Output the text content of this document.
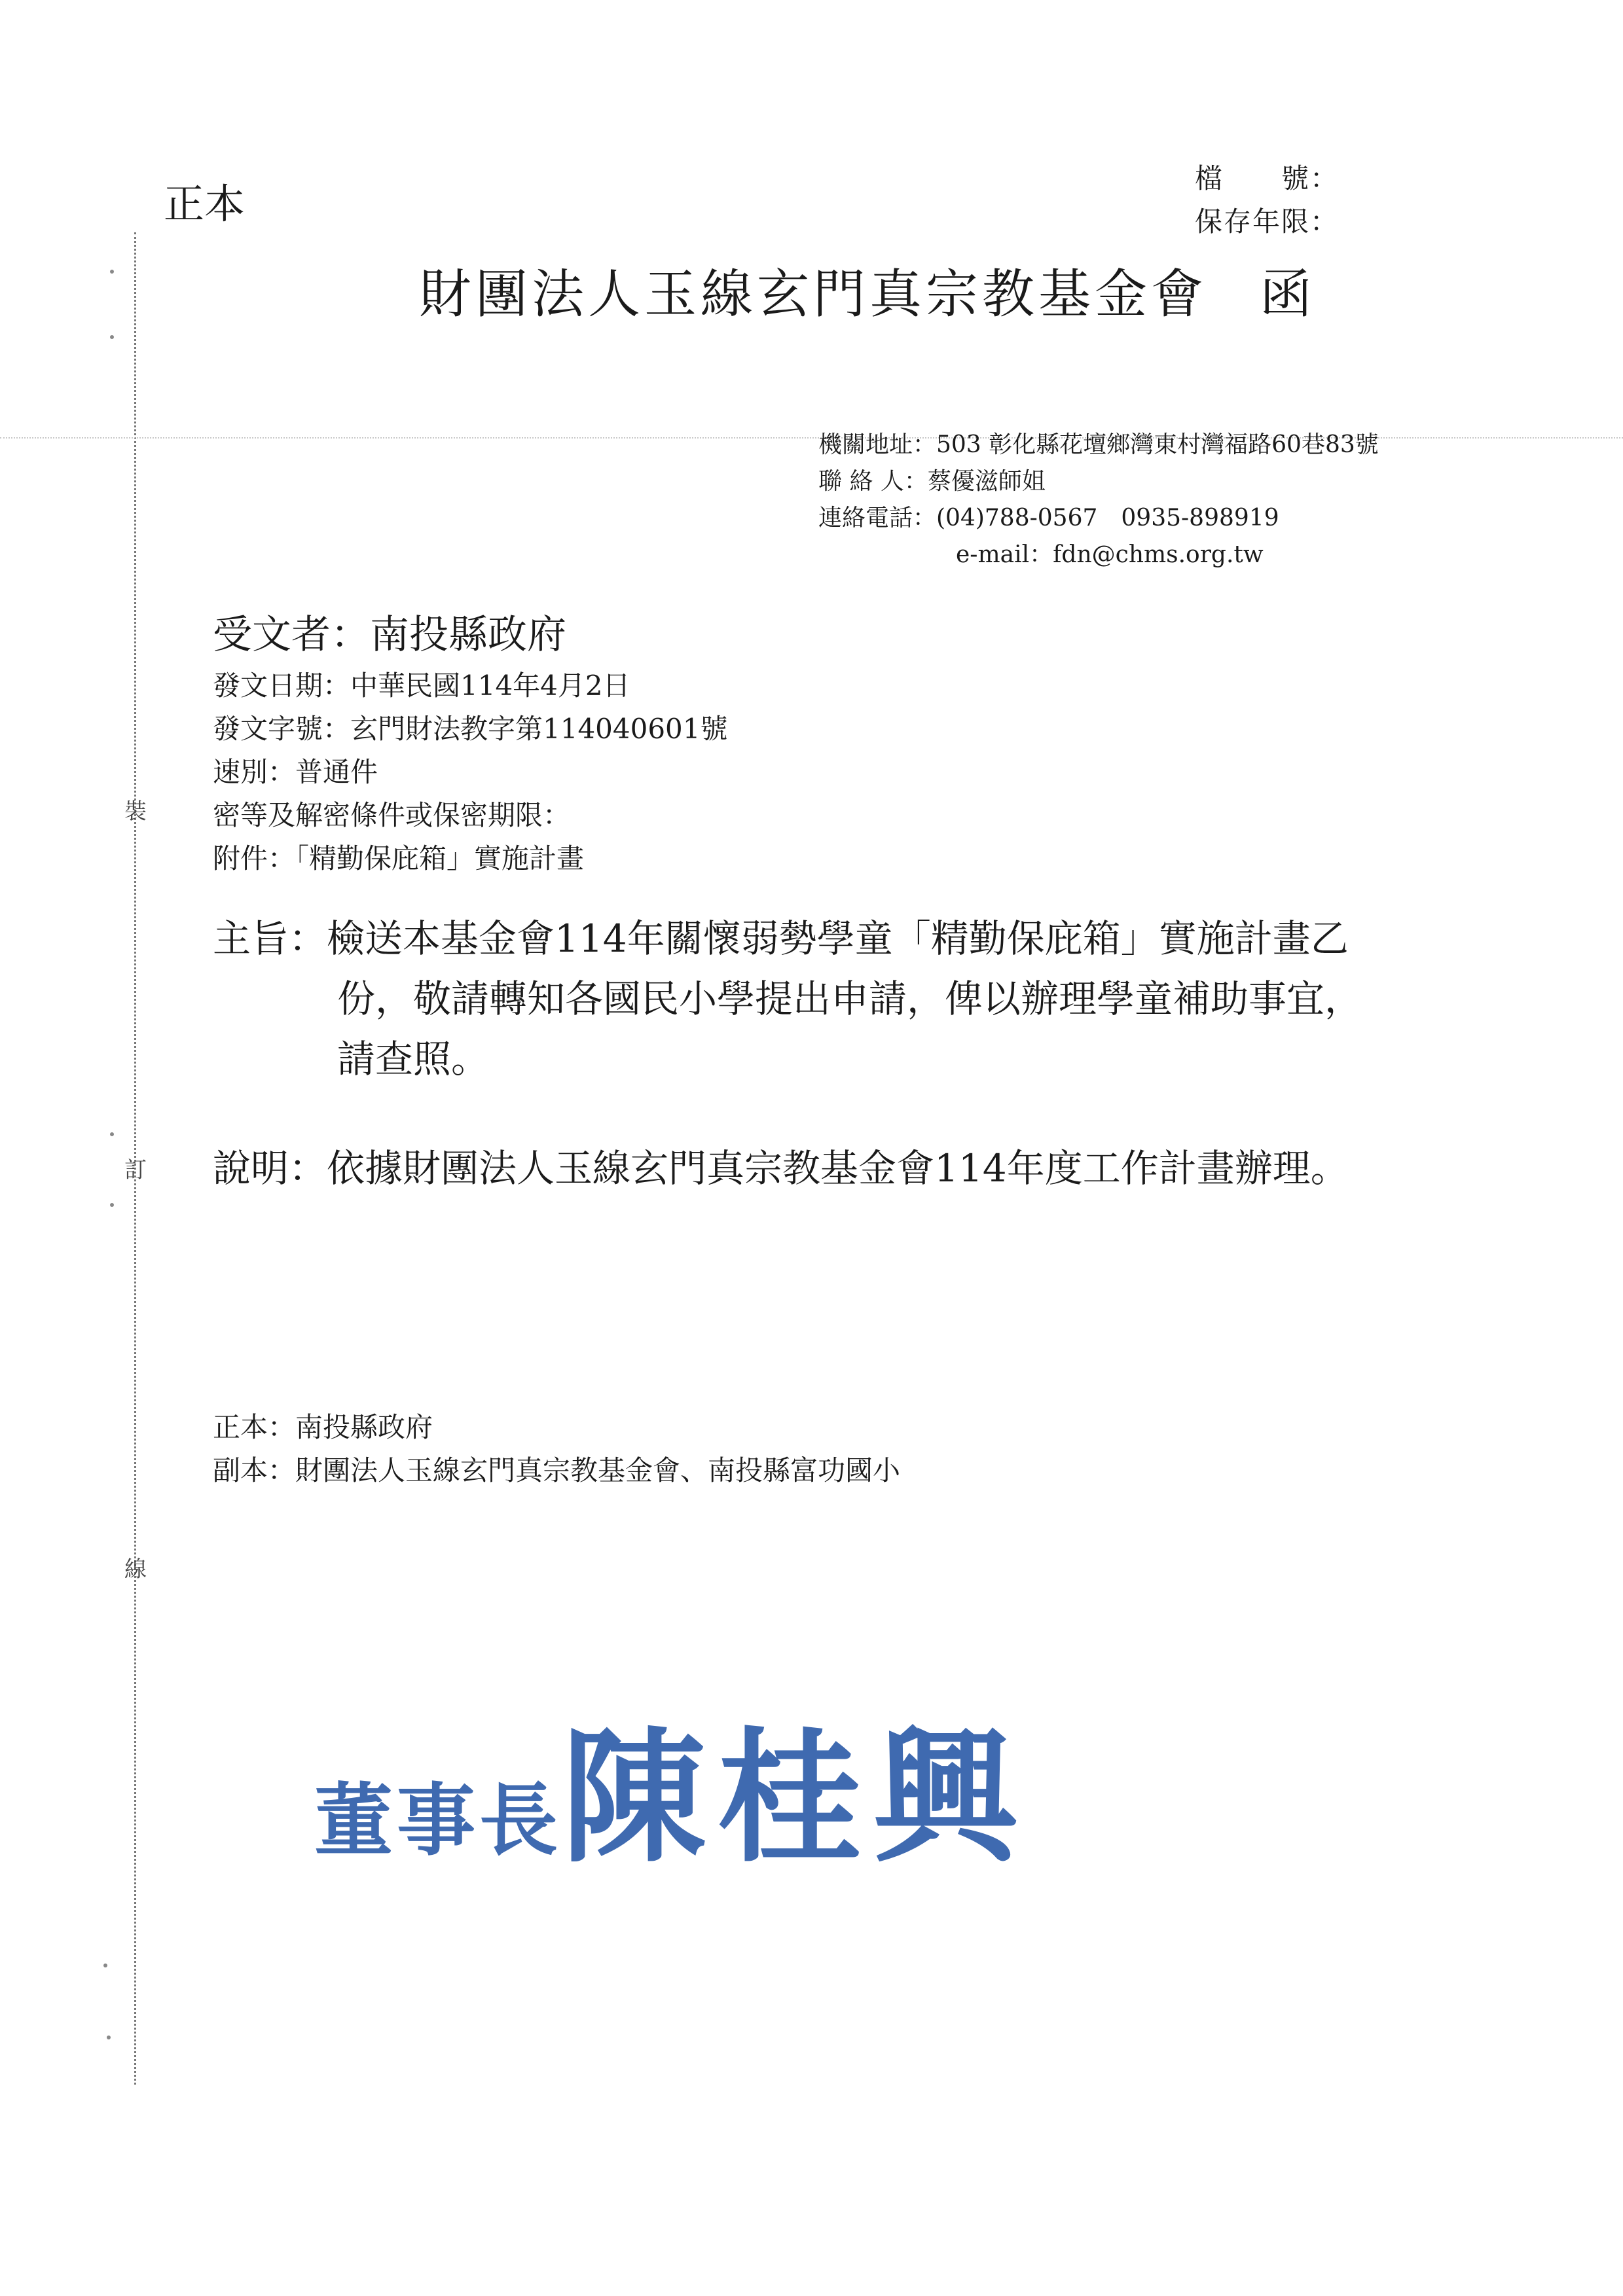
裝
訂
線
正本
檔　　號：
保存年限：
財團法人玉線玄門真宗教基金會 函
機關地址：503 彰化縣花壇鄉灣東村灣福路60巷83號
聯 絡 人：蔡優滋師姐
連絡電話：(04)788-0567　0935-898919
e-mail：fdn@chms.org.tw
受文者：南投縣政府
發文日期：中華民國114年4月2日
發文字號：玄門財法教字第114040601號
速別：普通件
密等及解密條件或保密期限：
附件：「精勤保庇箱」實施計畫
主旨：檢送本基金會114年關懷弱勢學童「精勤保庇箱」實施計畫乙
份，敬請轉知各國民小學提出申請，俾以辦理學童補助事宜，
請查照。
說明：依據財團法人玉線玄門真宗教基金會114年度工作計畫辦理。
正本：南投縣政府
副本：財團法人玉線玄門真宗教基金會、南投縣富功國小
董事長陳桂興
